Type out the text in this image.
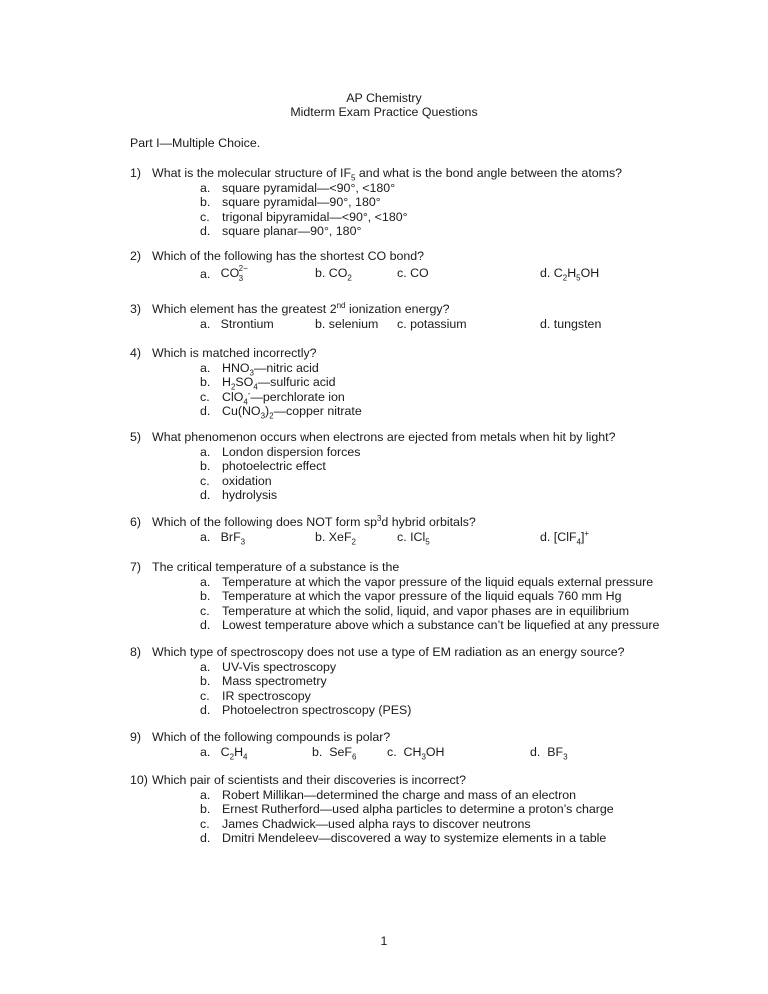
AP Chemistry
Midterm Exam Practice Questions
Part I—Multiple Choice.
1) What is the molecular structure of $IF_5$ and what is the bond angle between the atoms?
a. square pyramidal—<90°, <180°
b. square pyramidal—90°, 180°
c. trigonal bipyramidal—<90°, <180°
d. square planar—90°, 180°
2) Which of the following has the shortest CO bond?
a. CO 2−
3	b. $CO_2$	c. CO	d. $C_2H_5OH$
3) Which element has the greatest 2nd ionization energy?
a. Strontium	b. selenium c. potassium	d. tungsten
4) Which is matched incorrectly?
a. $HNO_3—nitric$ acid
b. $H_2SO_4—sulfuric$ acid
c. ClO$_4$-—perchlorate ion
d. $Cu(NO_3)_2—copper$ nitrate
5) What phenomenon occurs when electrons are ejected from metals when hit by light?
a. London dispersion forces
b. photoelectric effect
c. oxidation
d. hydrolysis
6) Which of the following does NOT form $sp^3d$ hybrid orbitals?
a. BrF$_3$	b. XeF$_2$	c. ICl$_5$	d. [ClF$_4$]+
7) The critical temperature of a substance is the
a. Temperature at which the vapor pressure of the liquid equals external pressure
b. Temperature at which the vapor pressure of the liquid equals 760 mm Hg
c. Temperature at which the solid, liquid, and vapor phases are in equilibrium
d. Lowest temperature above which a substance can’t be liquefied at any pressure
8) Which type of spectroscopy does not use a type of EM radiation as an energy source?
a. UV-Vis spectroscopy
b. Mass spectrometry
c. IR spectroscopy
d. Photoelectron spectroscopy (PES)
9) Which of the following compounds is polar?
a. $C_2H_4$	b. SeF$_6$ c. $CH_3OH$	d. $BF_3$
10) Which pair of scientists and their discoveries is incorrect?
a. Robert Millikan—determined the charge and mass of an electron
b. Ernest Rutherford—used alpha particles to determine a proton’s charge
c. James Chadwick—used alpha rays to discover neutrons
d. Dmitri Mendeleev—discovered a way to systemize elements in a table
1
